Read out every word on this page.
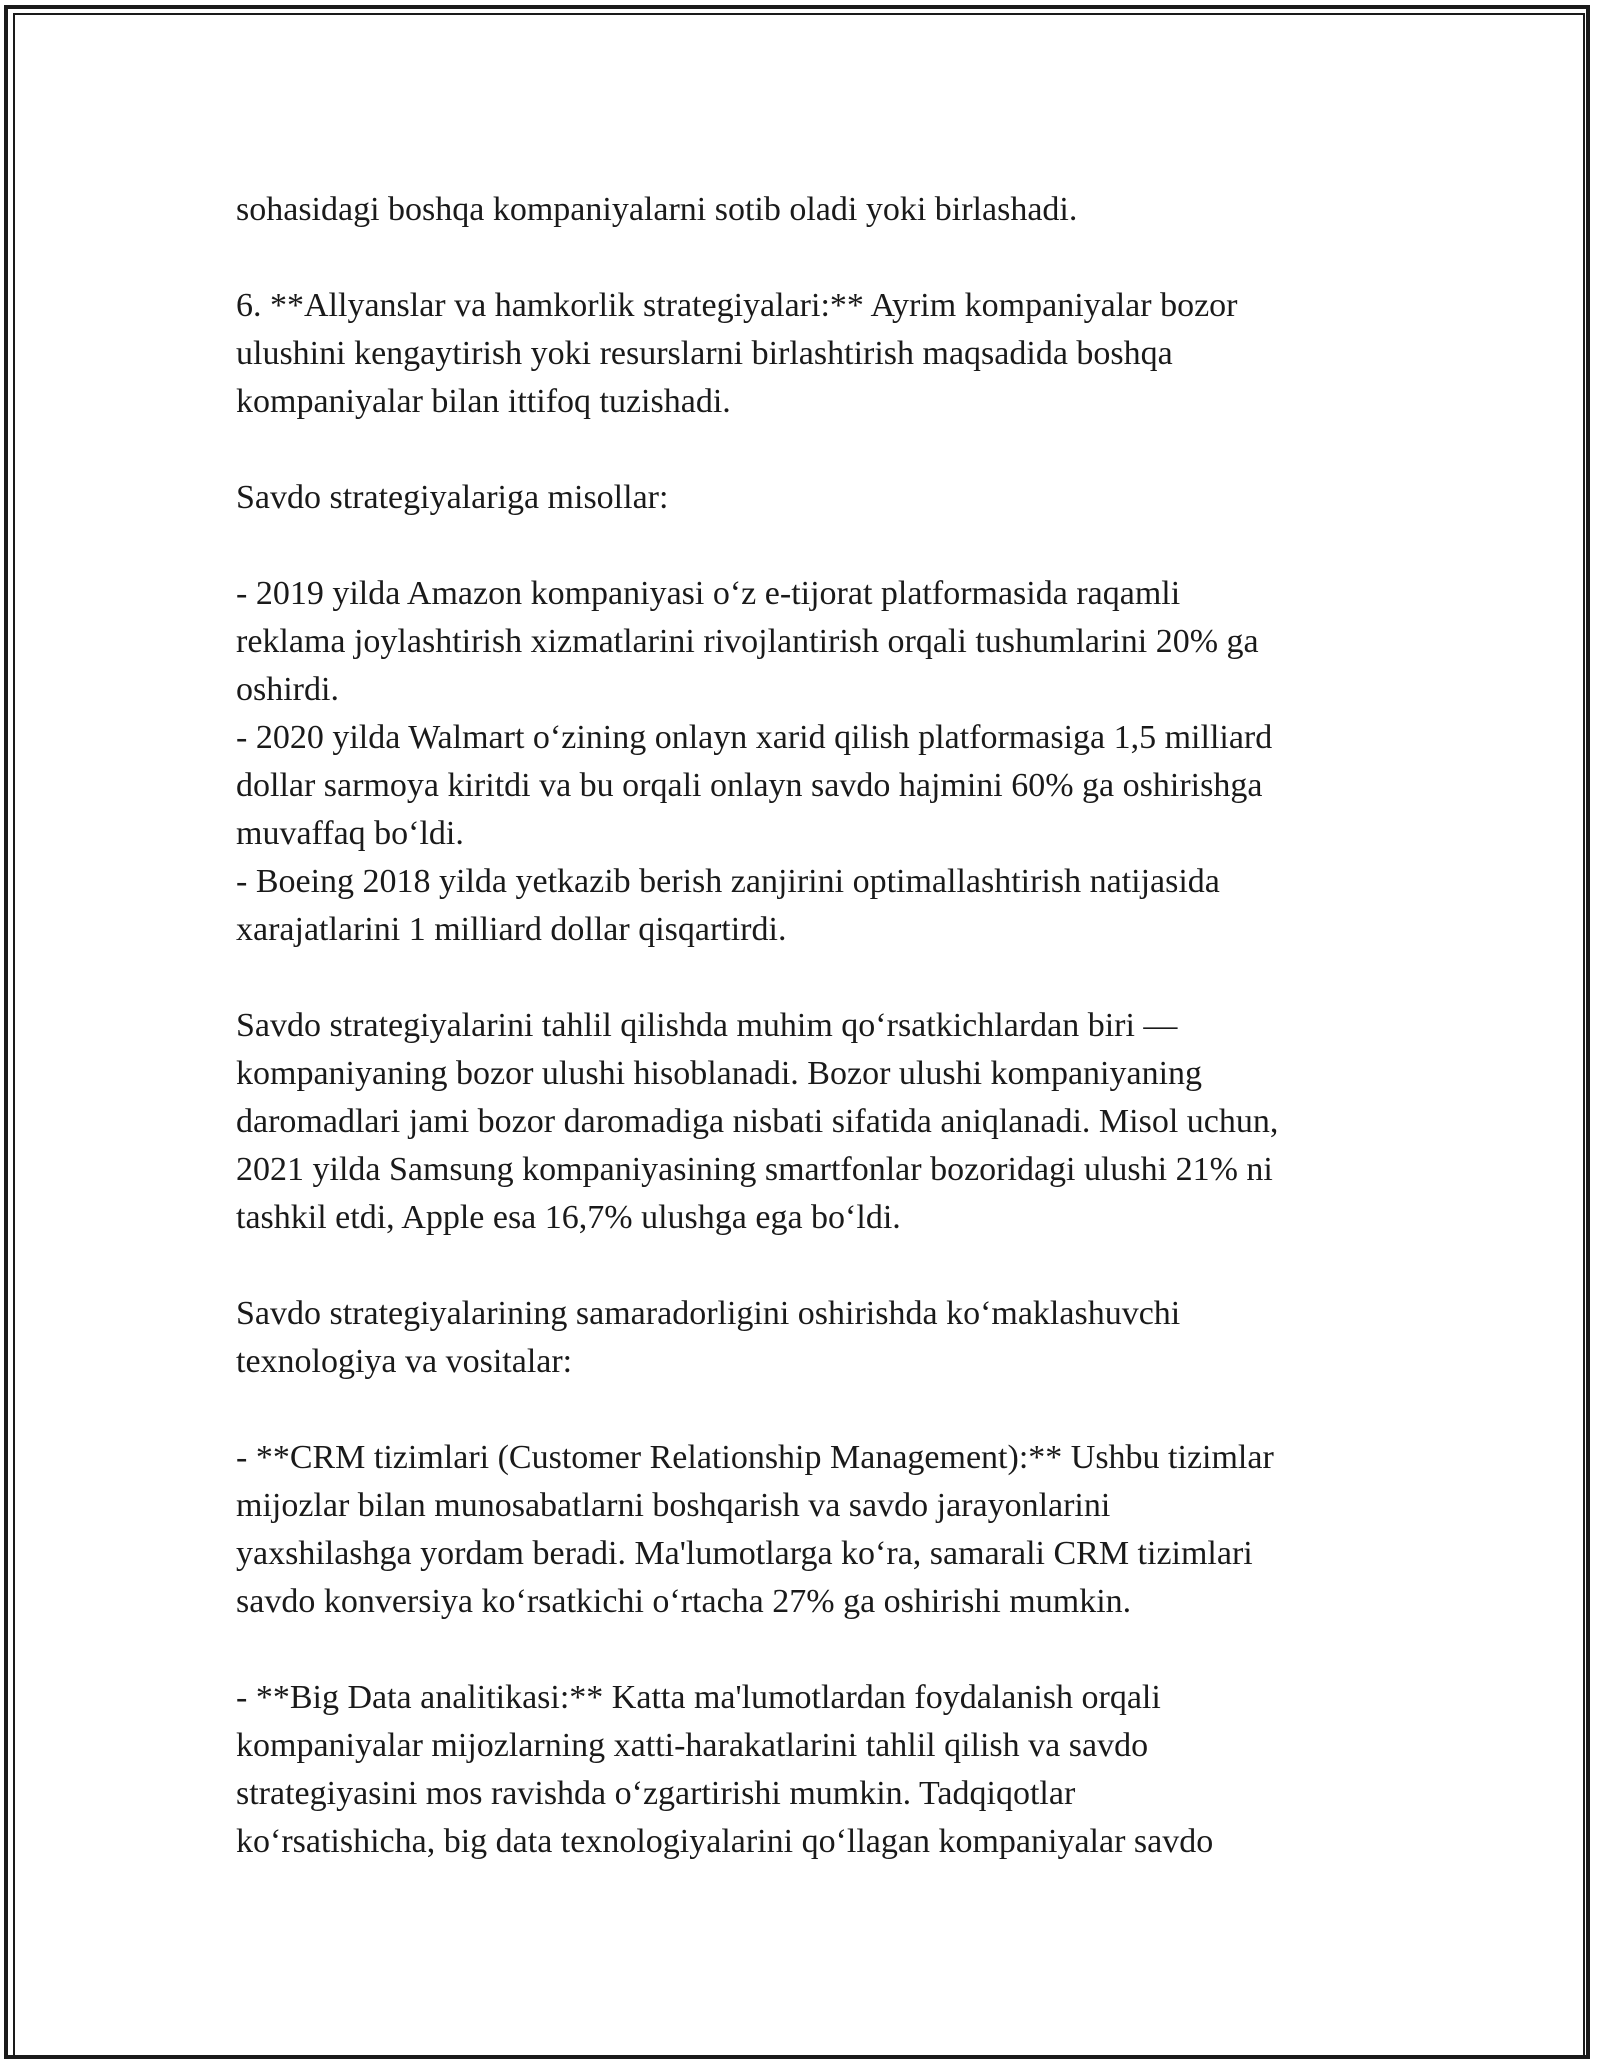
sohasidagi boshqa kompaniyalarni sotib oladi yoki birlashadi.

6. **Allyanslar va hamkorlik strategiyalari:** Ayrim kompaniyalar bozor

ulushini kengaytirish yoki resurslarni birlashtirish maqsadida boshqa

kompaniyalar bilan ittifoq tuzishadi.

Savdo strategiyalariga misollar:

- 2019 yilda Amazon kompaniyasi o‘z e-tijorat platformasida raqamli

reklama joylashtirish xizmatlarini rivojlantirish orqali tushumlarini 20% ga

oshirdi.

- 2020 yilda Walmart o‘zining onlayn xarid qilish platformasiga 1,5 milliard

dollar sarmoya kiritdi va bu orqali onlayn savdo hajmini 60% ga oshirishga

muvaffaq bo‘ldi.

- Boeing 2018 yilda yetkazib berish zanjirini optimallashtirish natijasida

xarajatlarini 1 milliard dollar qisqartirdi.

Savdo strategiyalarini tahlil qilishda muhim qo‘rsatkichlardan biri —

kompaniyaning bozor ulushi hisoblanadi. Bozor ulushi kompaniyaning

daromadlari jami bozor daromadiga nisbati sifatida aniqlanadi. Misol uchun,

2021 yilda Samsung kompaniyasining smartfonlar bozoridagi ulushi 21% ni

tashkil etdi, Apple esa 16,7% ulushga ega bo‘ldi.

Savdo strategiyalarining samaradorligini oshirishda ko‘maklashuvchi

texnologiya va vositalar:

- **CRM tizimlari (Customer Relationship Management):** Ushbu tizimlar

mijozlar bilan munosabatlarni boshqarish va savdo jarayonlarini

yaxshilashga yordam beradi. Ma'lumotlarga ko‘ra, samarali CRM tizimlari

savdo konversiya ko‘rsatkichi o‘rtacha 27% ga oshirishi mumkin.

- **Big Data analitikasi:** Katta ma'lumotlardan foydalanish orqali

kompaniyalar mijozlarning xatti-harakatlarini tahlil qilish va savdo

strategiyasini mos ravishda o‘zgartirishi mumkin. Tadqiqotlar

ko‘rsatishicha, big data texnologiyalarini qo‘llagan kompaniyalar savdo
